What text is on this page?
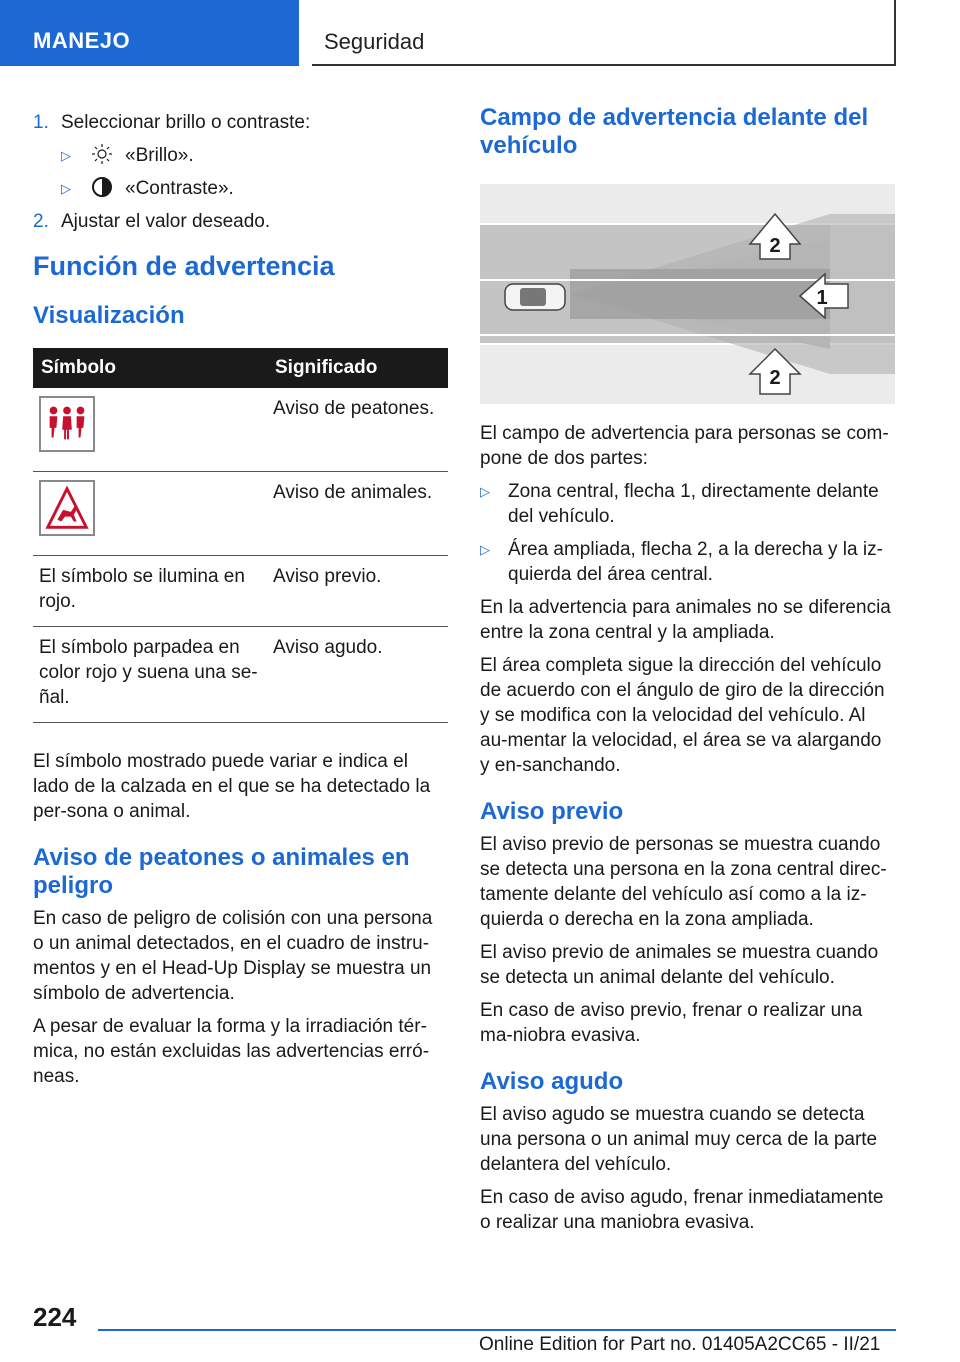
MANEJO	Seguridad
1. Seleccionar brillo o contraste:
▷	«Brillo».
▷	«Contraste».
2. Ajustar el valor deseado.
Función de advertencia
Visualización
Símbolo	Significado
	Aviso de peatones.
	Aviso de animales.
El símbolo se ilumina en rojo.	Aviso previo.
El símbolo parpadea en color rojo y suena una se-ñal.	Aviso agudo.
El símbolo mostrado puede variar e indica el lado de la calzada en el que se ha detectado la per-sona o animal.
Aviso de peatones o animales en peligro
En caso de peligro de colisión con una persona o un animal detectados, en el cuadro de instru-mentos y en el Head-Up Display se muestra un símbolo de advertencia.
A pesar de evaluar la forma y la irradiación tér-mica, no están excluidas las advertencias erró-neas.
Campo de advertencia delante del vehículo
2
1
2
El campo de advertencia para personas se com-pone de dos partes:
▷ Zona central, flecha 1, directamente delante del vehículo.
▷ Área ampliada, flecha 2, a la derecha y la iz-quierda del área central.
En la advertencia para animales no se diferencia entre la zona central y la ampliada.
El área completa sigue la dirección del vehículo de acuerdo con el ángulo de giro de la dirección y se modifica con la velocidad del vehículo. Al au-mentar la velocidad, el área se va alargando y en-sanchando.
Aviso previo
El aviso previo de personas se muestra cuando se detecta una persona en la zona central direc-tamente delante del vehículo así como a la iz-quierda o derecha en la zona ampliada.
El aviso previo de animales se muestra cuando se detecta un animal delante del vehículo.
En caso de aviso previo, frenar o realizar una ma-niobra evasiva.
Aviso agudo
El aviso agudo se muestra cuando se detecta una persona o un animal muy cerca de la parte delantera del vehículo.
En caso de aviso agudo, frenar inmediatamente o realizar una maniobra evasiva.
224
Online Edition for Part no. 01405A2CC65 - II/21
